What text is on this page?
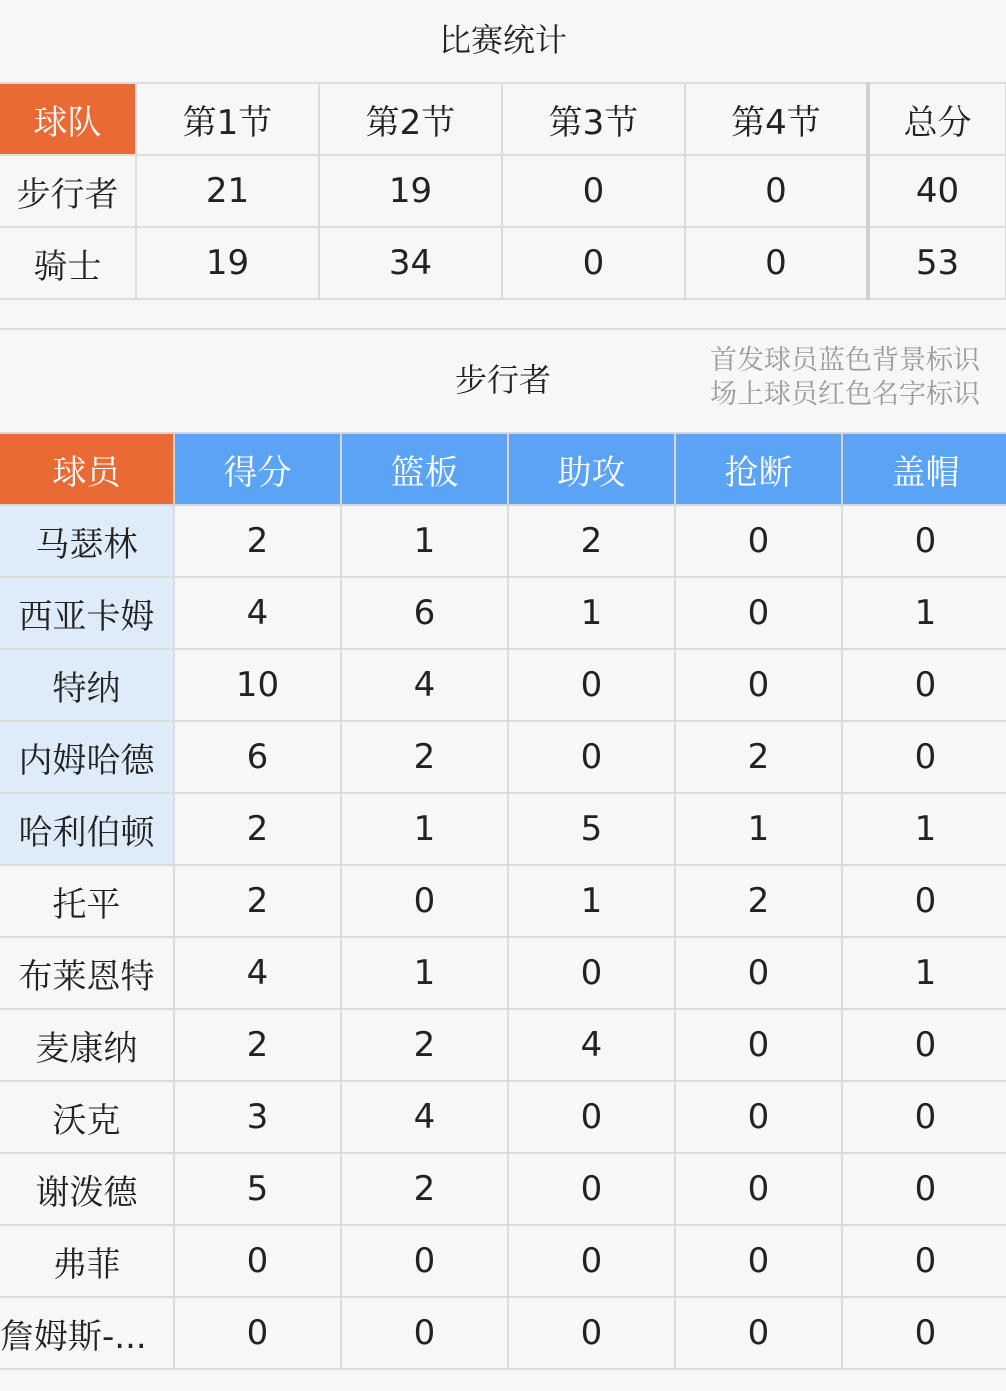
比赛统计
球队	第1节	第2节	第3节	第4节	总分
步行者	21	19	0	0	40
骑士	19	34	0	0	53
步行者
首发球员蓝色背景标识
场上球员红色名字标识
球员	得分	篮板	助攻	抢断	盖帽
马瑟林	2	1	2	0	0
西亚卡姆	4	6	1	0	1
特纳	10	4	0	0	0
内姆哈德	6	2	0	2	0
哈利伯顿	2	1	5	1	1
托平	2	0	1	2	0
布莱恩特	4	1	0	0	1
麦康纳	2	2	4	0	0
沃克	3	4	0	0	0
谢泼德	5	2	0	0	0
弗菲	0	0	0	0	0
詹姆斯-...	0	0	0	0	0
